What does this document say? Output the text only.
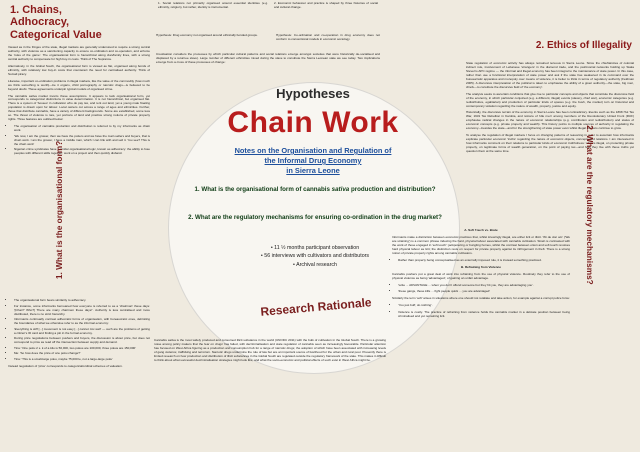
1. Chains,
Adhocracy,
Categorical Value

Viewed as in the fringes of the state, illegal markets are generally understood to require a strong central authority, with violence as a sanctioning capacity to ensure co-ordination and co-operation, and enforce the 'rules of the game'. The organisational form is hierarchical along clan/family lines, with a strong central authority to compensate for high buy-in costs. Think of The Sopranos.

Alternatively, in the Global South, the organisational form is viewed as flat, organised along bonds of ethnicity, with relatively low buy-in costs that counteract the need for centralised authority. Think of Somali piracy.

Likewise, important co-ordination problems in illegal markets, like the value of the commodity (how much we think something is worth)—be it organs, child pornography or narcotic drugs—is believed to be beyond doubt. These agreements underpin typical models of organised crime.

The cannabis sativa market inverts these assumptions. It appears to lack organisational form, yet corresponds to categorical distinctions in value determination. It is not hierarchical, but organised flat. There is a system of 'bosses' in cultivation who do pay tax, and rent out land, yet a young male floating population is drawn upon for labour. Local owners cut across a range of ages and ethnicities. Further, those that distribute cannabis, have a variety of different backgrounds. Some are established, some less so. The threat of violence is rare, yet portions of land and practice strong notions of private property rights. Three features are outlined below:

• The organisation of cannabis production and distribution is referred to by my informants as chain work.
• 'We now, I am the grower, then we have the potters and we have the main sellers and buyers, that is chain work. I am the grower, I have a middle man, which I can link with and sell it. You see? This is the chain work'
• Nigerian crime syndicates have a similar organisational logic, known as adhocracy: the ability to fuse peoples with different skills together; work on a project and then quickly disband.
• The organisational form bears similarity to adhocracy.
• For instance, some informants bemoaned how everyone is referred to as a 'chairman' these days: '[Chair? Who?] There are many chairmen these days!'. Authority is less centralised and more distributed, there is no strict hierarchy.
• Informants continually contrast adhocratic forms of organisation, with bureaucratic ones, delimiting the boundaries of what we otherwise refer to as the informal economy:
• 'Everything is stiff [...] movement is not easy [...] cannot mix well' — such are the problems of getting a citizen's ID card and finding a job in the formal economy.
• During price negotiations between pushers and buyers, the discussion is about price, but does not correspond to price as read off the intersection between supply and demand.
• Tina: 'One poku 2 s. k of a kilo is 50,000, two pokus are 100,000, three pokus are 150,000'
• Me: 'So how does the price of one poku change?'
• Tina: 'This is a small-large poku, maybe 75,000 le, not a large-large poku'

Instead negotiation of 'price' corresponds to categorical/ordinal schemes of valuation.

1. Social relations not primarily organised around essential identities (e.g. ethnicity, religion), but rather, identity is instrumental.
2. Economic behaviour and practice is shaped by three histories of social and cultural change.
Hypothesis: Drug economy not organised around ethnically bonded groups.	Hypothesis: Co-ordination and co-operation in drug economy does not conform to conventional models in economic sociology.
Creolisation considers the processes by which particular cultural patterns and social relations emerge amongst societies that were historically de-socialised and displaced by a returnee slave). Large number of different ethnicities mixed during the slave to constitute the Sierra Leonean state we see today. Two implications emerge from a cross of these processes of change:
2. Ethics of Illegality

State regulation of economic activity has always remained tenuous in Sierra Leone. Since the chieftaincies of colonial indirect rule, involvement of Lebanese 'strangers' in the diamond trade, and the patrimonial networks holding up Siaka Steven's APC regime — the informal and illegal economy has been integral to the maintenance of state power. In this case, rather than use a functional interpretation of state power and ask if the state has weakened in its command over the bureaucratic apparatus and monopoly over means of violence, it is better to think in terms of regulatory authority (Feldman 2005). A discursive interpretation of the political is taken to emphasise the ability of a given authority—the state, big men, chiefs—to constitute the discursive field of 'the economy'.

The analysis seeks to ascertain conditions that give rise to particular concepts and objects that constitute the discursive field of the economy, in which particular conjoined (e.g. a different, illegal) events (slavery, chief war), economic categories (e.g. redistributive, egalitarian) and production of particular kinds of spaces (e.g. the bush, the market) turn on historical and contemporary violation regarding the nature of wealth, property, justice and equity.

Historically, the discursive terrain of the economy in Sierra Leone has been contradictory. Events such as the 1898 Hut Tax War, 1931 Tax Rebellion in Kambia, and notions of 'idle men' among members of the Revolutionary United Front (RUF) emphasise radical changes in the nature of economic relationships (e.g. contribution and redistribution) and status of economic concepts (e.g. private property and wealth). This history points to multiple sources of authority in regulating the economy—besides the state—and for the strengthening of state power even whilst illegal markets continue to grow.

To analyse the regulation of illegal markets I focus on changing patterns of reasoning in order to ascertain how informants explicate particular economic 'truths' regarding the nature of economic objects, concepts and relations. I am interested in how informants comment on their relations to particular kinds of economic truthfulness: what is illegal, on protecting private property, on legitimate forms of wealth generation, on the point of paying tax—and how they live with these truths yet question them at the same time.

Hypotheses
Chain Work
Notes on the Organisation and Regulation of
the Informal Drug Economy
in Sierra Leone
1. What is the organisational form of cannabis sativa production and distribution?
2. What are the regulatory mechanisms for ensuring co-ordination in the drug market?
• 11 ½ months participant observation
• 56 interviews with cultivators and distributors
• Archival research
Research Rationale
1. What is the organisational form?	2. What are the regulatory mechanisms?

Cannabis sativa is the most widely produced and consumed illicit substance in the world (UNODC 2011) with the bulk of cultivation in the Global South. There is a growing noise among policy makers that the fear on drugs' has failed, with decriminalisation and state regulation of cannabis seen as increasingly favourable. Particular attention has focused on West Africa figuring as a production and consumption hub for a range of narcotic drugs; the adoption of which have been associated with increasing levels of gang violence; trafficking and terrorism. Narcotic drugs undermine the rule of law but are an important source of livelihood for the urban and rural poor. Presently there is limited research on how production and distribution of illicit substances in the Global South are regulated outside the regulatory framework of the state. This makes it difficult to think about what successful decriminalisation strategies might look like, and what the socio-economic and political effects of such exist in West Africa might be.

A. Soft Touch vs. Brute

Informants make a distinction between economic practices that, whilst knowingly illegal, are either licit or illicit. 'Wi de don am' ('We are straining') is a common phrase indexing the hard, physical labour associated with cannabis cultivation. Strain is contrasted with the work of those engaged in 'soft touch': jackpotering or bungling homes, whilst the contrast between onion and soft touch revolves hard physical labour as licit; the distinction rests on respect for private property against its infringement in theft. There is a strong notion of private property rights among cannabis cultivators.

• Rather than property being conceptualised as an externally imposed rule, it is instead something practiced.

B. Refraining from Violence

Cannabis pushers put a great deal of work into refraining from the use of physical violence. Routinely they refer to the use of physical violence as being 'advantaged', of gaining an unfair advantage.

• 'write ... ADVANTAGE ... when you don't offend someone but they hit you, they are advantaging you'.
• 'these gangs, these kills ... fight people quick ... you are advantaged'

Similarly the term 'soft' arises in situations where one should not retaliate and take action, for example against a corrupt police force:

• 'You just buff, do nothing'.
• Violence is costly. The practice of refraining from violence holds the cannabis market in a delicate position between being criminalised and yet remaining licit.
